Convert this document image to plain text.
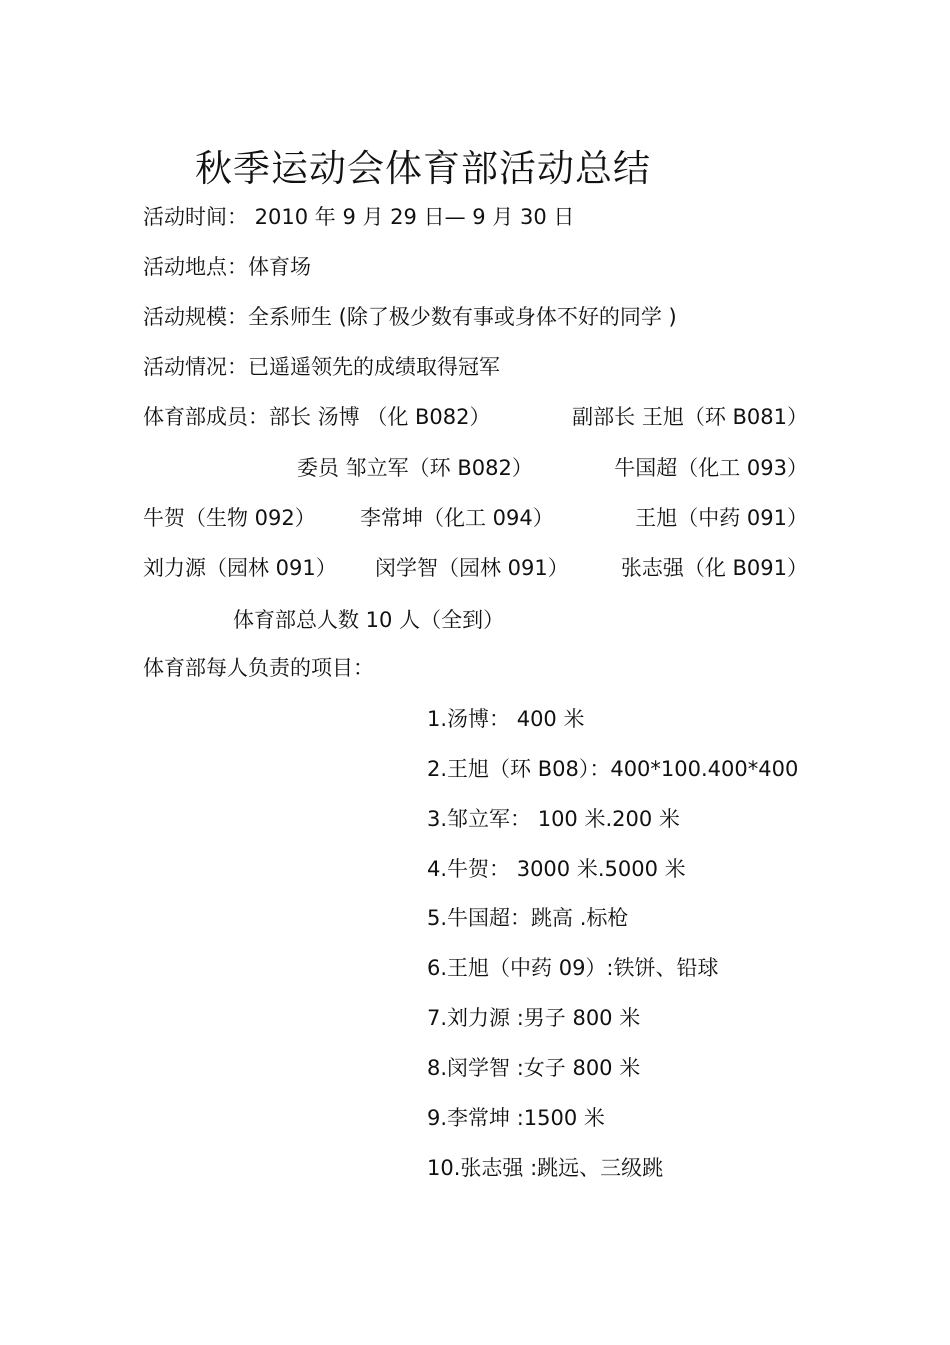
秋季运动会体育部活动总结
活动时间： 2010 年 9 月 29 日— 9 月 30 日
活动地点：体育场
活动规模：全系师生 (除了极少数有事或身体不好的同学 )
活动情况：已遥遥领先的成绩取得冠军
体育部成员：部长 汤博 （化 B082）	副部长 王旭（环 B081）
委员 邹立军（环 B082）	牛国超（化工 093）
牛贺（生物 092） 李常坤（化工 094）	王旭（中药 091）
刘力源（园林 091） 闵学智（园林 091） 张志强（化 B091）
体育部总人数 10 人（全到）
体育部每人负责的项目：
1.汤博： 400 米
2.王旭（环 B08）：400*100.400*400
3.邹立军： 100 米.200 米
4.牛贺： 3000 米.5000 米
5.牛国超：跳高 .标枪
6.王旭（中药 09）:铁饼、铅球
7.刘力源 :男子 800 米
8.闵学智 :女子 800 米
9.李常坤 :1500 米
10.张志强 :跳远、三级跳
